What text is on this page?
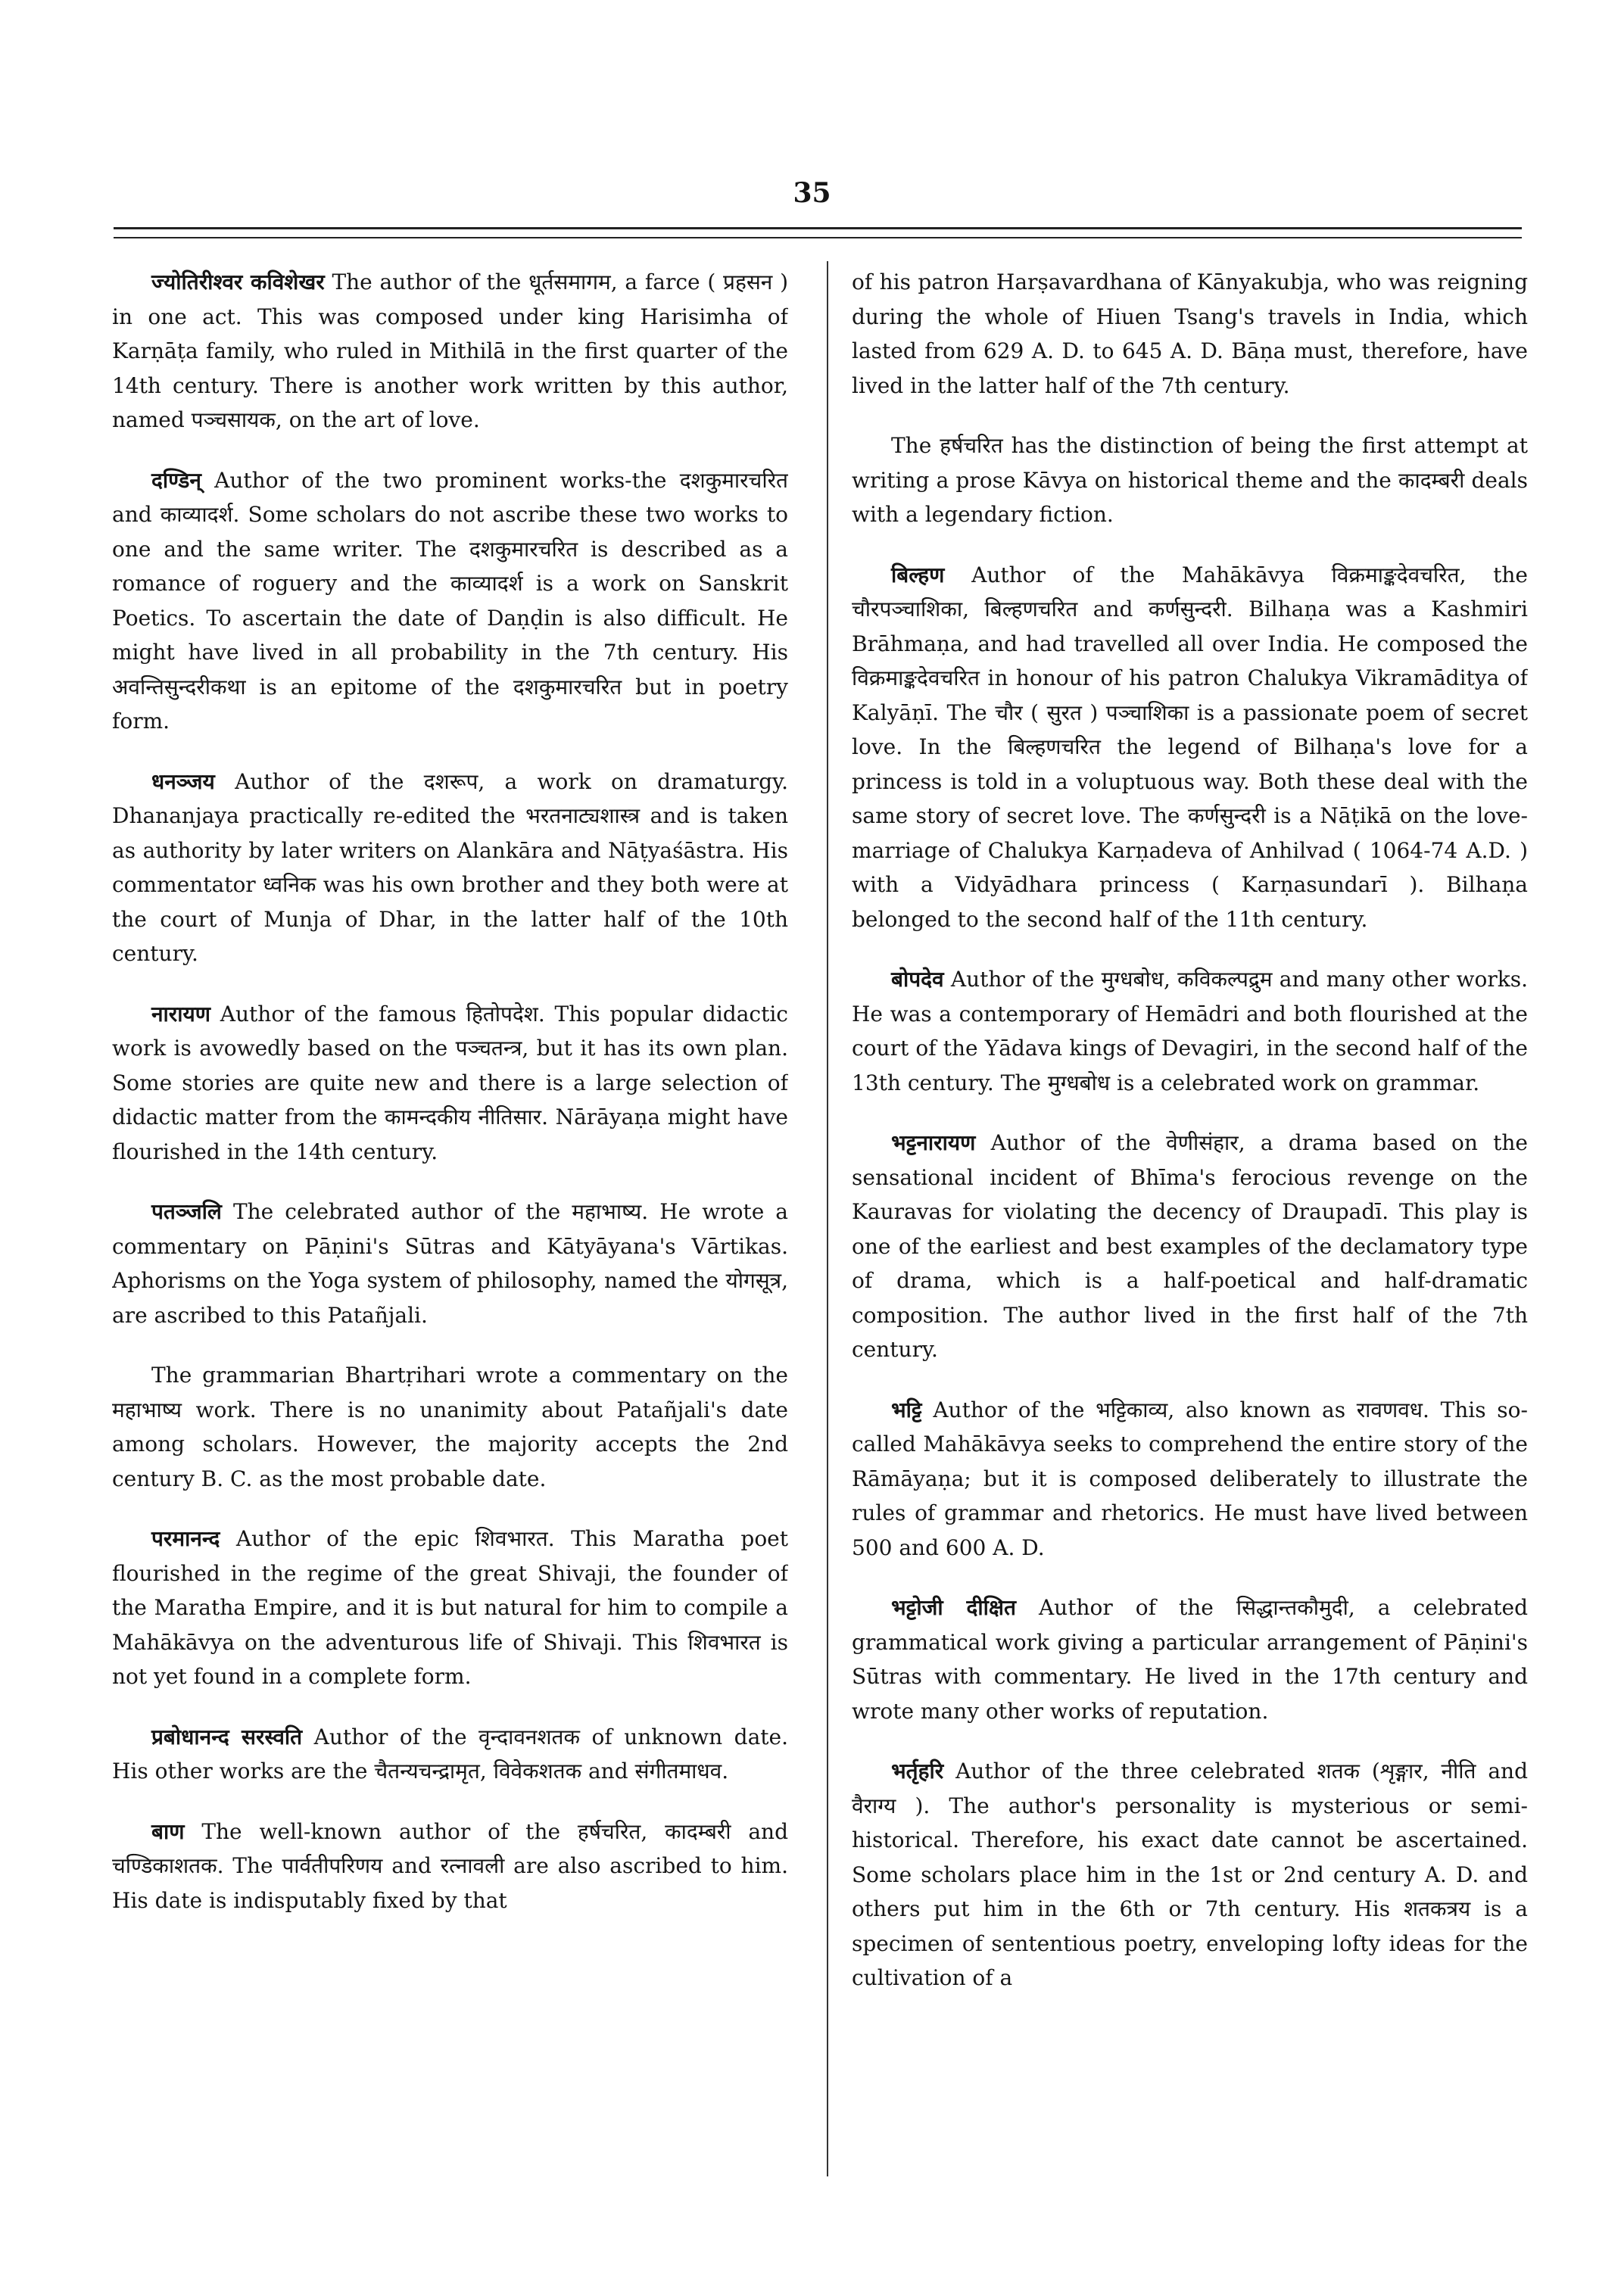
35

ज्योतिरीश्वर कविशेखर The author of the धूर्तसमागम, a farce ( प्रहसन ) in one act. This was composed under king Harisimha of Karṇāṭa family, who ruled in Mithilā in the first quarter of the 14th century. There is another work written by this author, named पञ्चसायक, on the art of love.

दण्डिन् Author of the two prominent works-the दशकुमारचरित and काव्यादर्श. Some scholars do not ascribe these two works to one and the same writer. The दशकुमारचरित is described as a romance of roguery and the काव्यादर्श is a work on Sanskrit Poetics. To ascertain the date of Daṇḍin is also difficult. He might have lived in all probability in the 7th century. His अवन्तिसुन्दरीकथा is an epitome of the दशकुमारचरित but in poetry form.

धनञ्जय Author of the दशरूप, a work on dramaturgy. Dhananjaya practically re-edited the भरतनाट्यशास्त्र and is taken as authority by later writers on Alankāra and Nāṭyaśāstra. His commentator ध्वनिक was his own brother and they both were at the court of Munja of Dhar, in the latter half of the 10th century.

नारायण Author of the famous हितोपदेश. This popular didactic work is avowedly based on the पञ्चतन्त्र, but it has its own plan. Some stories are quite new and there is a large selection of didactic matter from the कामन्दकीय नीतिसार. Nārāyaṇa might have flourished in the 14th century.

पतञ्जलि The celebrated author of the महाभाष्य. He wrote a commentary on Pāṇini's Sūtras and Kātyāyana's Vārtikas. Aphorisms on the Yoga system of philosophy, named the योगसूत्र, are ascribed to this Patañjali.

The grammarian Bhartṛihari wrote a commentary on the महाभाष्य work. There is no unanimity about Patañjali's date among scholars. However, the majority accepts the 2nd century B. C. as the most probable date.

परमानन्द Author of the epic शिवभारत. This Maratha poet flourished in the regime of the great Shivaji, the founder of the Maratha Empire, and it is but natural for him to compile a Mahākāvya on the adventurous life of Shivaji. This शिवभारत is not yet found in a complete form.

प्रबोधानन्द सरस्वति Author of the वृन्दावनशतक of unknown date. His other works are the चैतन्यचन्द्रामृत, विवेकशतक and संगीतमाधव.

बाण The well-known author of the हर्षचरित, कादम्बरी and चण्डिकाशतक. The पार्वतीपरिणय and रत्नावली are also ascribed to him. His date is indisputably fixed by that

of his patron Harṣavardhana of Kānyakubja, who was reigning during the whole of Hiuen Tsang's travels in India, which lasted from 629 A. D. to 645 A. D. Bāṇa must, therefore, have lived in the latter half of the 7th century.

The हर्षचरित has the distinction of being the first attempt at writing a prose Kāvya on historical theme and the कादम्बरी deals with a legendary fiction.

बिल्हण Author of the Mahākāvya विक्रमाङ्कदेवचरित, the चौरपञ्चाशिका, बिल्हणचरित and कर्णसुन्दरी. Bilhaṇa was a Kashmiri Brāhmaṇa, and had travelled all over India. He composed the विक्रमाङ्कदेवचरित in honour of his patron Chalukya Vikramāditya of Kalyāṇī. The चौर ( सुरत ) पञ्चाशिका is a passionate poem of secret love. In the बिल्हणचरित the legend of Bilhaṇa's love for a princess is told in a voluptuous way. Both these deal with the same story of secret love. The कर्णसुन्दरी is a Nāṭikā on the love-marriage of Chalukya Karṇadeva of Anhilvad ( 1064-74 A.D. ) with a Vidyādhara princess ( Karṇasundarī ). Bilhaṇa belonged to the second half of the 11th century.

बोपदेव Author of the मुग्धबोध, कविकल्पद्रुम and many other works. He was a contemporary of Hemādri and both flourished at the court of the Yādava kings of Devagiri, in the second half of the 13th century. The मुग्धबोध is a celebrated work on grammar.

भट्टनारायण Author of the वेणीसंहार, a drama based on the sensational incident of Bhīma's ferocious revenge on the Kauravas for violating the decency of Draupadī. This play is one of the earliest and best examples of the declamatory type of drama, which is a half-poetical and half-dramatic composition. The author lived in the first half of the 7th century.

भट्टि Author of the भट्टिकाव्य, also known as रावणवध. This so-called Mahākāvya seeks to comprehend the entire story of the Rāmāyaṇa; but it is composed deliberately to illustrate the rules of grammar and rhetorics. He must have lived between 500 and 600 A. D.

भट्टोजी दीक्षित Author of the सिद्धान्तकौमुदी, a celebrated grammatical work giving a particular arrangement of Pāṇini's Sūtras with commentary. He lived in the 17th century and wrote many other works of reputation.

भर्तृहरि Author of the three celebrated शतक (शृङ्गार, नीति and वैराग्य ). The author's personality is mysterious or semi-historical. Therefore, his exact date cannot be ascertained. Some scholars place him in the 1st or 2nd century A. D. and others put him in the 6th or 7th century. His शतकत्रय is a specimen of sententious poetry, enveloping lofty ideas for the cultivation of a
